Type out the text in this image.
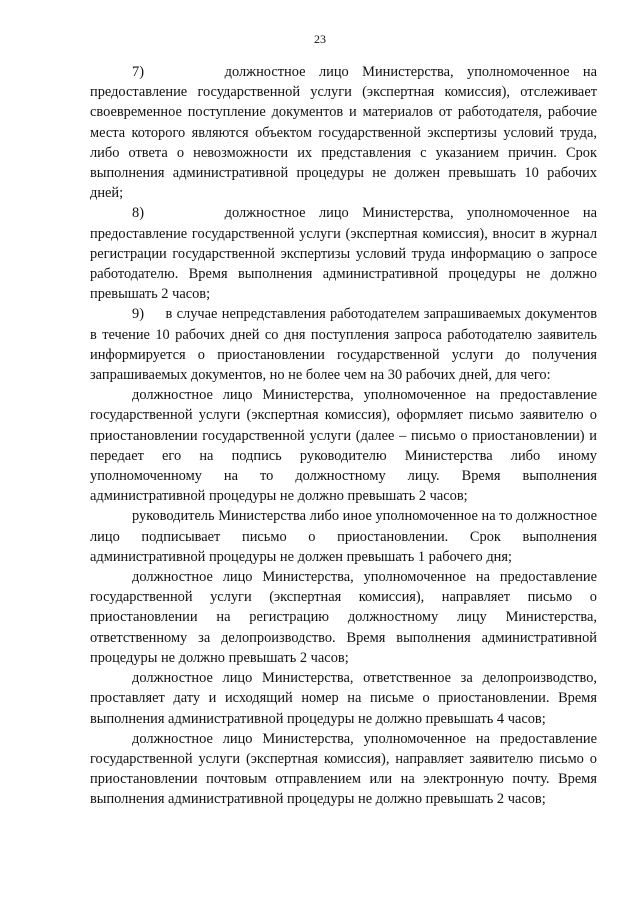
23

7)      должностное лицо Министерства, уполномоченное на предоставление государственной услуги (экспертная комиссия), отслеживает своевременное поступление документов и материалов от работодателя, рабочие места которого являются объектом государственной экспертизы условий труда, либо ответа о невозможности их представления с указанием причин. Срок выполнения административной процедуры не должен превышать 10 рабочих дней;

8)      должностное лицо Министерства, уполномоченное на предоставление государственной услуги (экспертная комиссия), вносит в журнал регистрации государственной экспертизы условий труда информацию о запросе работодателю. Время выполнения административной процедуры не должно превышать 2 часов;

9)     в случае непредставления работодателем запрашиваемых документов в течение 10 рабочих дней со дня поступления запроса работодателю заявитель информируется о приостановлении государственной услуги до получения запрашиваемых документов, но не более чем на 30 рабочих дней, для чего:

должностное лицо Министерства, уполномоченное на предоставление государственной услуги (экспертная комиссия), оформляет письмо заявителю о приостановлении государственной услуги (далее – письмо о приостановлении) и передает его на подпись руководителю Министерства либо иному уполномоченному на то должностному лицу. Время выполнения административной процедуры не должно превышать 2 часов;

руководитель Министерства либо иное уполномоченное на то должностное лицо подписывает письмо о приостановлении. Срок выполнения административной процедуры не должен превышать 1 рабочего дня;

должностное лицо Министерства, уполномоченное на предоставление государственной услуги (экспертная комиссия), направляет письмо о приостановлении на регистрацию должностному лицу Министерства, ответственному за делопроизводство. Время выполнения административной процедуры не должно превышать 2 часов;

должностное лицо Министерства, ответственное за делопроизводство, проставляет дату и исходящий номер на письме о приостановлении. Время выполнения административной процедуры не должно превышать 4 часов;

должностное лицо Министерства, уполномоченное на предоставление государственной услуги (экспертная комиссия), направляет заявителю письмо о приостановлении почтовым отправлением или на электронную почту. Время выполнения административной процедуры не должно превышать 2 часов;
